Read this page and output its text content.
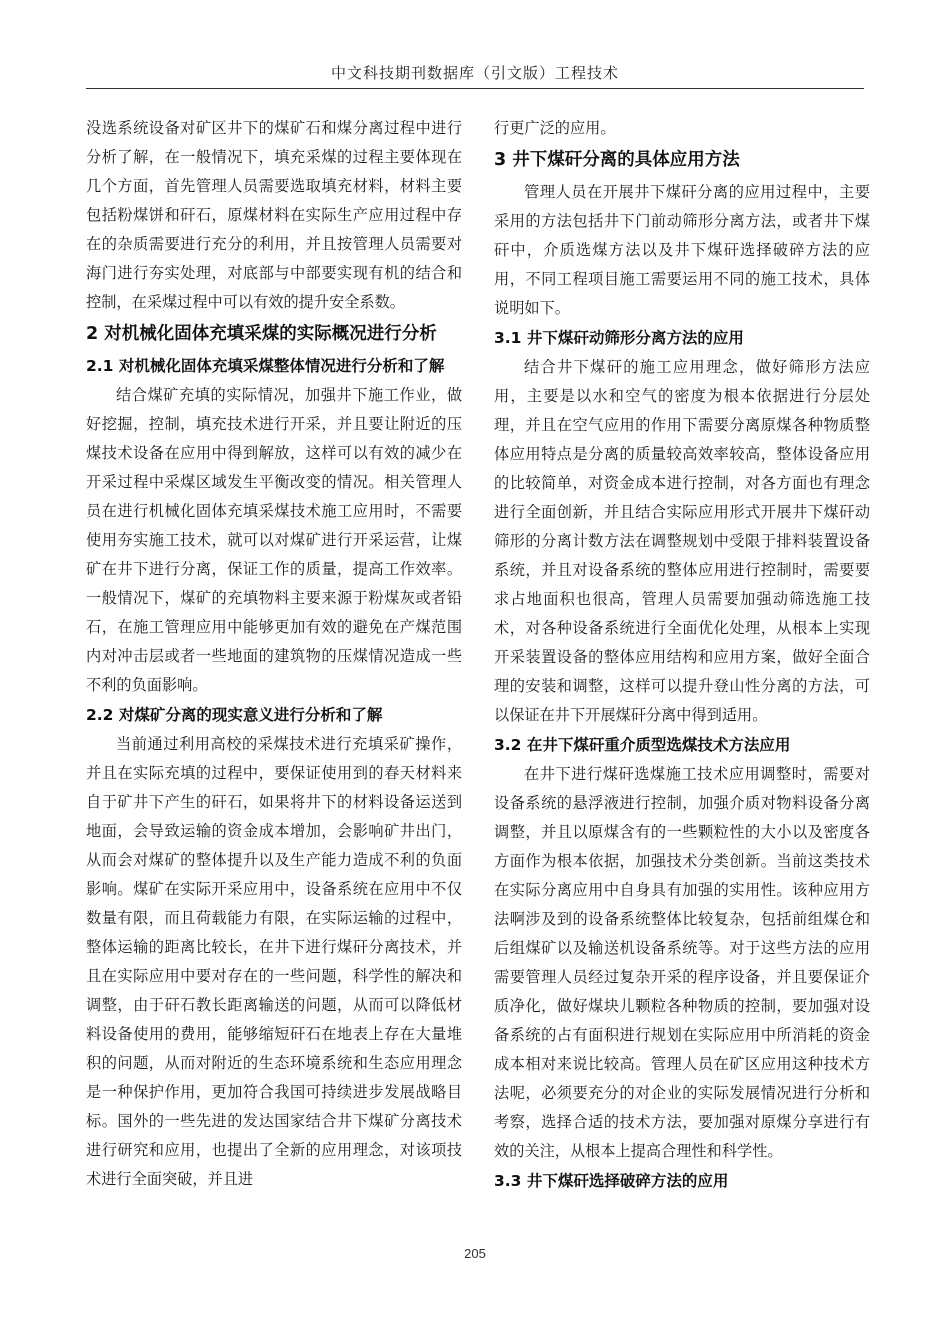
中文科技期刊数据库（引文版）工程技术

没选系统设备对矿区井下的煤矿石和煤分离过程中进行分析了解，在一般情况下，填充采煤的过程主要体现在几个方面，首先管理人员需要选取填充材料，材料主要包括粉煤饼和矸石，原煤材料在实际生产应用过程中存在的杂质需要进行充分的利用，并且按管理人员需要对海门进行夯实处理，对底部与中部要实现有机的结合和控制，在采煤过程中可以有效的提升安全系数。

2 对机械化固体充填采煤的实际概况进行分析
2.1 对机械化固体充填采煤整体情况进行分析和了解

结合煤矿充填的实际情况，加强井下施工作业，做好挖掘，控制，填充技术进行开采，并且要让附近的压煤技术设备在应用中得到解放，这样可以有效的减少在开采过程中采煤区域发生平衡改变的情况。相关管理人员在进行机械化固体充填采煤技术施工应用时，不需要使用夯实施工技术，就可以对煤矿进行开采运营，让煤矿在井下进行分离，保证工作的质量，提高工作效率。一般情况下，煤矿的充填物料主要来源于粉煤灰或者铅石，在施工管理应用中能够更加有效的避免在产煤范围内对冲击层或者一些地面的建筑物的压煤情况造成一些不利的负面影响。

2.2 对煤矿分离的现实意义进行分析和了解

当前通过利用高校的采煤技术进行充填采矿操作，并且在实际充填的过程中，要保证使用到的春天材料来自于矿井下产生的矸石，如果将井下的材料设备运送到地面，会导致运输的资金成本增加，会影响矿井出门，从而会对煤矿的整体提升以及生产能力造成不利的负面影响。煤矿在实际开采应用中，设备系统在应用中不仅数量有限，而且荷载能力有限，在实际运输的过程中，整体运输的距离比较长，在井下进行煤矸分离技术，并且在实际应用中要对存在的一些问题，科学性的解决和调整，由于矸石教长距离输送的问题，从而可以降低材料设备使用的费用，能够缩短矸石在地表上存在大量堆积的问题，从而对附近的生态环境系统和生态应用理念是一种保护作用，更加符合我国可持续进步发展战略目标。国外的一些先进的发达国家结合井下煤矿分离技术进行研究和应用，也提出了全新的应用理念，对该项技术进行全面突破，并且进

行更广泛的应用。

3 井下煤矸分离的具体应用方法

管理人员在开展井下煤矸分离的应用过程中，主要采用的方法包括井下门前动筛形分离方法，或者井下煤矸中，介质选煤方法以及井下煤矸选择破碎方法的应用，不同工程项目施工需要运用不同的施工技术，具体说明如下。

3.1 井下煤矸动筛形分离方法的应用

结合井下煤矸的施工应用理念，做好筛形方法应用，主要是以水和空气的密度为根本依据进行分层处理，并且在空气应用的作用下需要分离原煤各种物质整体应用特点是分离的质量较高效率较高，整体设备应用的比较简单，对资金成本进行控制，对各方面也有理念进行全面创新，并且结合实际应用形式开展井下煤矸动筛形的分离计数方法在调整规划中受限于排料装置设备系统，并且对设备系统的整体应用进行控制时，需要要求占地面积也很高，管理人员需要加强动筛选施工技术，对各种设备系统进行全面优化处理，从根本上实现开采装置设备的整体应用结构和应用方案，做好全面合理的安装和调整，这样可以提升登山性分离的方法，可以保证在井下开展煤矸分离中得到适用。

3.2 在井下煤矸重介质型选煤技术方法应用

在井下进行煤矸选煤施工技术应用调整时，需要对设备系统的悬浮液进行控制，加强介质对物料设备分离调整，并且以原煤含有的一些颗粒性的大小以及密度各方面作为根本依据，加强技术分类创新。当前这类技术在实际分离应用中自身具有加强的实用性。该种应用方法啊涉及到的设备系统整体比较复杂，包括前组煤仓和后组煤矿以及输送机设备系统等。对于这些方法的应用需要管理人员经过复杂开采的程序设备，并且要保证介质净化，做好煤块儿颗粒各种物质的控制，要加强对设备系统的占有面积进行规划在实际应用中所消耗的资金成本相对来说比较高。管理人员在矿区应用这种技术方法呢，必须要充分的对企业的实际发展情况进行分析和考察，选择合适的技术方法，要加强对原煤分享进行有效的关注，从根本上提高合理性和科学性。

3.3 井下煤矸选择破碎方法的应用
205
